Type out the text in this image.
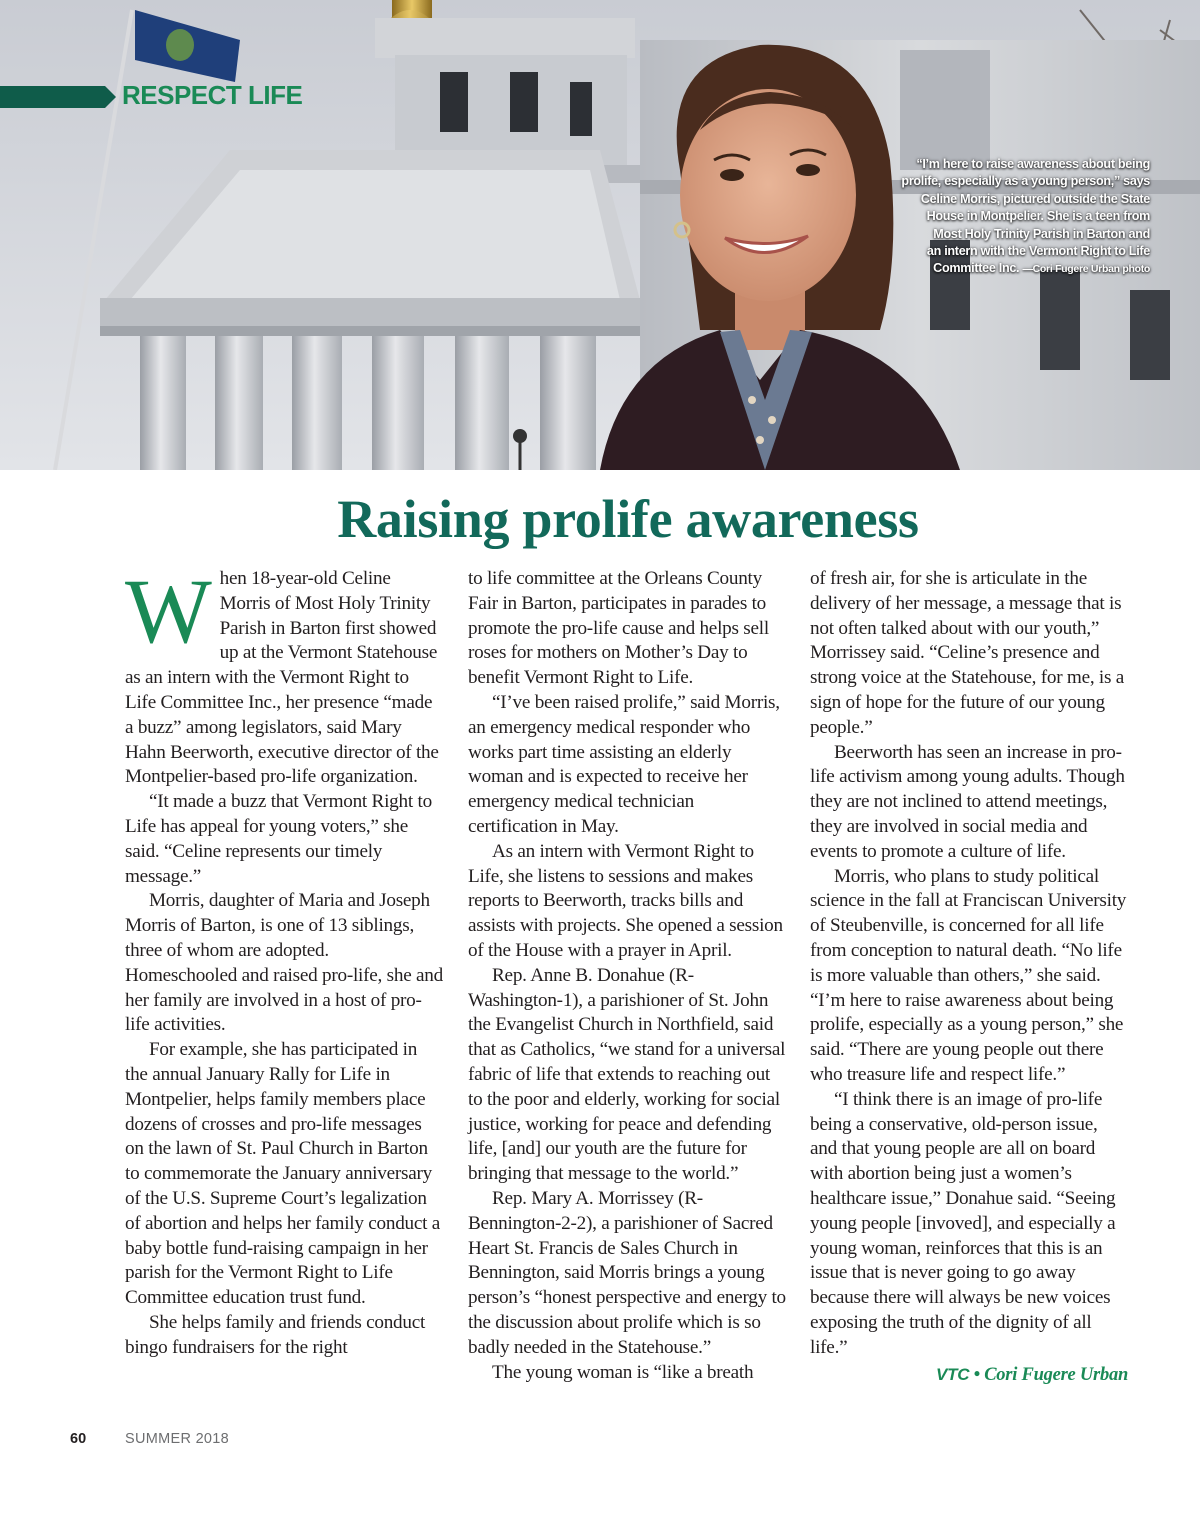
RESPECT LIFE
“I’m here to raise awareness about being
prolife, especially as a young person,” says
Celine Morris, pictured outside the State
House in Montpelier. She is a teen from
Most Holy Trinity Parish in Barton and
an intern with the Vermont Right to Life
Committee Inc. —Cori Fugere Urban photo
Raising prolife awareness

When 18-year-old Celine Morris of Most Holy Trinity Parish in Barton first showed up at the Vermont Statehouse as an intern with the Vermont Right to Life Committee Inc., her presence “made a buzz” among legislators, said Mary Hahn Beerworth, executive director of the Montpelier-based pro-life organization.

“It made a buzz that Vermont Right to Life has appeal for young voters,” she said. “Celine represents our timely message.”

Morris, daughter of Maria and Joseph Morris of Barton, is one of 13 siblings, three of whom are adopted. Homeschooled and raised pro-life, she and her family are involved in a host of pro-life activities.

For example, she has participated in the annual January Rally for Life in Montpelier, helps family members place dozens of crosses and pro-life messages on the lawn of St. Paul Church in Barton to commemorate the January anniversary of the U.S. Supreme Court’s legalization of abortion and helps her family conduct a baby bottle fund-raising campaign in her parish for the Vermont Right to Life Committee education trust fund.

She helps family and friends conduct bingo fundraisers for the right

to life committee at the Orleans County Fair in Barton, participates in parades to promote the pro-life cause and helps sell roses for mothers on Mother’s Day to benefit Vermont Right to Life.

“I’ve been raised prolife,” said Morris, an emergency medical responder who works part time assisting an elderly woman and is expected to receive her emergency medical technician certification in May.

As an intern with Vermont Right to Life, she listens to sessions and makes reports to Beerworth, tracks bills and assists with projects. She opened a session of the House with a prayer in April.

Rep. Anne B. Donahue (R-Washington-1), a parishioner of St. John the Evangelist Church in Northfield, said that as Catholics, “we stand for a universal fabric of life that extends to reaching out to the poor and elderly, working for social justice, working for peace and defending life, [and] our youth are the future for bringing that message to the world.”

Rep. Mary A. Morrissey (R-Bennington-2-2), a parishioner of Sacred Heart St. Francis de Sales Church in Bennington, said Morris brings a young person’s “honest perspective and energy to the discussion about prolife which is so badly needed in the Statehouse.”

The young woman is “like a breath

of fresh air, for she is articulate in the delivery of her message, a message that is not often talked about with our youth,” Morrissey said. “Celine’s presence and strong voice at the Statehouse, for me, is a sign of hope for the future of our young people.”

Beerworth has seen an increase in pro-life activism among young adults. Though they are not inclined to attend meetings, they are involved in social media and events to promote a culture of life.

Morris, who plans to study political science in the fall at Franciscan University of Steubenville, is concerned for all life from conception to natural death. “No life is more valuable than others,” she said. “I’m here to raise awareness about being prolife, especially as a young person,” she said. “There are young people out there who treasure life and respect life.”

“I think there is an image of pro-life being a conservative, old-person issue, and that young people are all on board with abortion being just a women’s healthcare issue,” Donahue said. “Seeing young people [invoved], and especially a young woman, reinforces that this is an issue that is never going to go away because there will always be new voices exposing the truth of the dignity of all life.”

VTC • Cori Fugere Urban
60	SUMMER 2018
